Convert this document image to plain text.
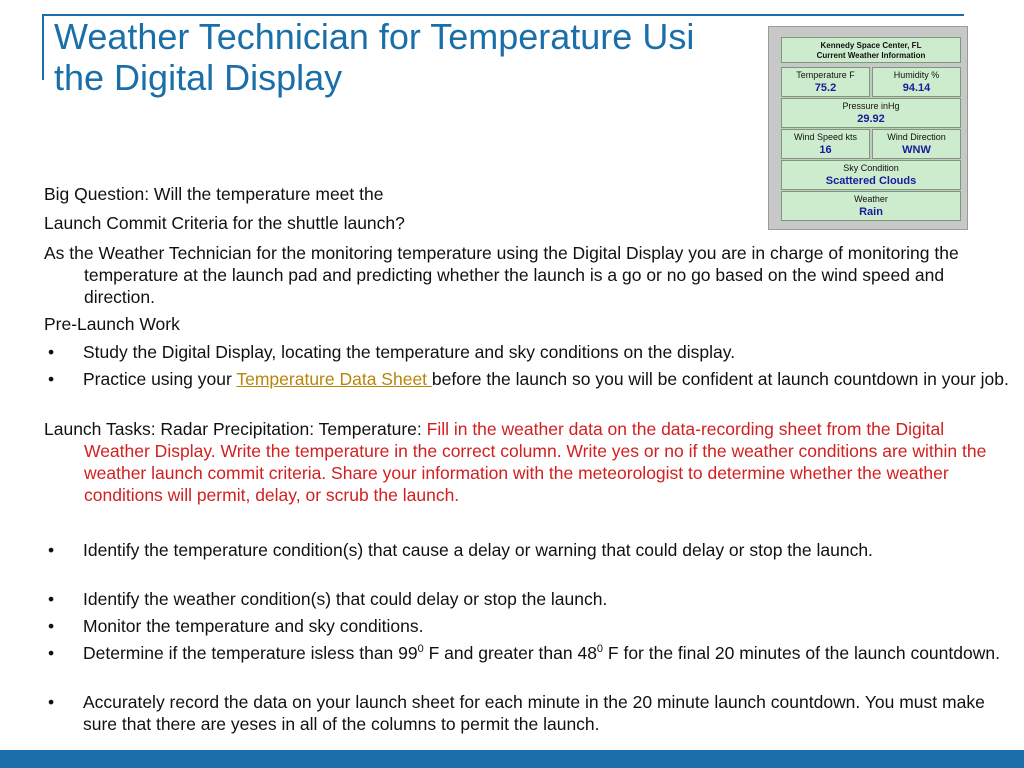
Weather Technician for Temperature Usi
the Digital Display
Kennedy Space Center, FL
Current Weather Information
Temperature F
75.2
Humidity %
94.14
Pressure inHg
29.92
Wind Speed kts
16
Wind Direction
WNW
Sky Condition
Scattered Clouds
Weather
Rain
Big Question: Will the temperature meet the
Launch Commit Criteria for the shuttle launch?
As the Weather Technician for the monitoring temperature using the Digital Display you are in charge of monitoring the temperature at the launch pad and predicting whether the launch is a go or no go based on the wind speed and direction.
Pre-Launch Work
• Study the Digital Display, locating the temperature and sky conditions on the display.
• Practice using your Temperature Data Sheet before the launch so you will be confident at launch countdown in your job.
Launch Tasks: Radar Precipitation: Temperature: Fill in the weather data on the data-recording sheet from the Digital Weather Display. Write the temperature in the correct column. Write yes or no if the weather conditions are within the weather launch commit criteria. Share your information with the meteorologist to determine whether the weather conditions will permit, delay, or scrub the launch.
• Identify the temperature condition(s) that cause a delay or warning that could delay or stop the launch.
• Identify the weather condition(s) that could delay or stop the launch.
• Monitor the temperature and sky conditions.
• Determine if the temperature isless than $99^0$ F and greater than $48^0$ F for the final 20 minutes of the launch countdown.
• Accurately record the data on your launch sheet for each minute in the 20 minute launch countdown. You must make sure that there are yeses in all of the columns to permit the launch.
